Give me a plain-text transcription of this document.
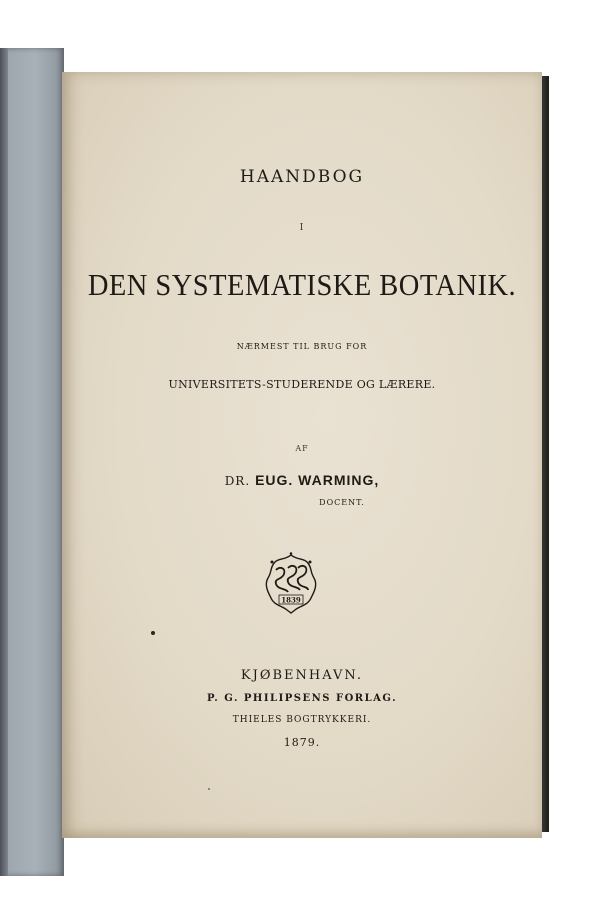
HAANDBOG
I
DEN SYSTEMATISKE BOTANIK.
NÆRMEST TIL BRUG FOR
UNIVERSITETS-STUDERENDE OG LÆRERE.
AF
DR. EUG. WARMING,
DOCENT.
1839
KJØBENHAVN.
P. G. PHILIPSENS FORLAG.
THIELES BOGTRYKKERI.
1879.
